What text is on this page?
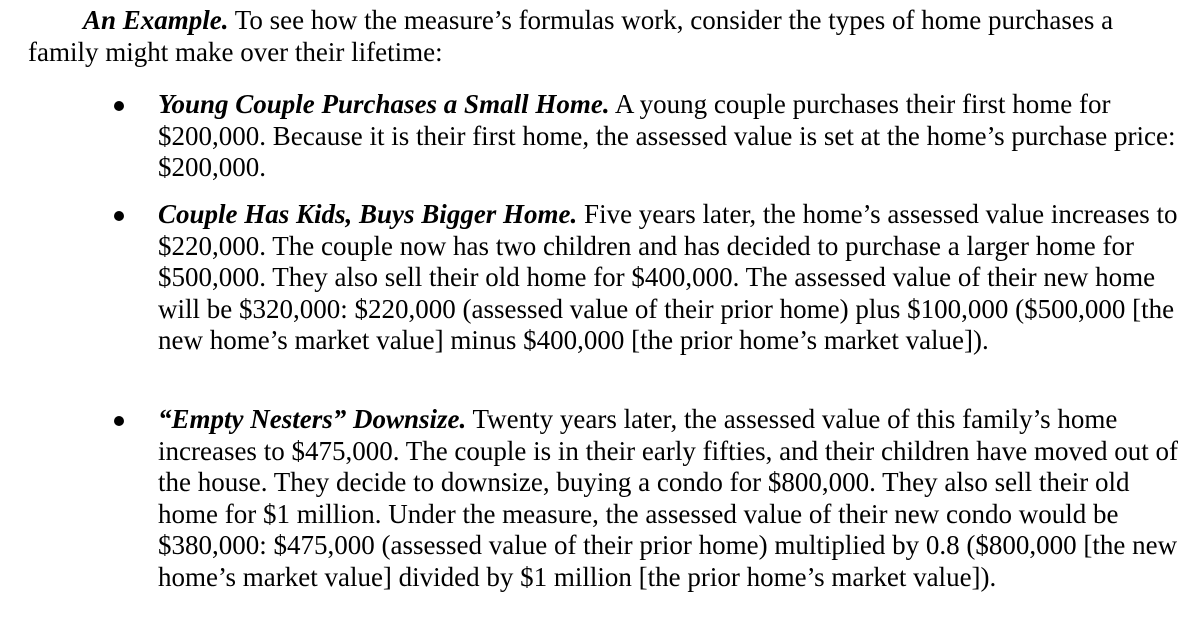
An Example. To see how the measure’s formulas work, consider the types of home purchases a family might make over their lifetime:

Young Couple Purchases a Small Home. A young couple purchases their first home for $200,000. Because it is their first home, the assessed value is set at the home’s purchase price: $200,000.
Couple Has Kids, Buys Bigger Home. Five years later, the home’s assessed value increases to $220,000. The couple now has two children and has decided to purchase a larger home for $500,000. They also sell their old home for $400,000. The assessed value of their new home will be $320,000: $220,000 (assessed value of their prior home) plus $100,000 ($500,000 [the new home’s market value] minus $400,000 [the prior home’s market value]).
“Empty Nesters” Downsize. Twenty years later, the assessed value of this family’s home increases to $475,000. The couple is in their early fifties, and their children have moved out of the house. They decide to downsize, buying a condo for $800,000. They also sell their old home for $1 million. Under the measure, the assessed value of their new condo would be $380,000: $475,000 (assessed value of their prior home) multiplied by 0.8 ($800,000 [the new home’s market value] divided by $1 million [the prior home’s market value]).
